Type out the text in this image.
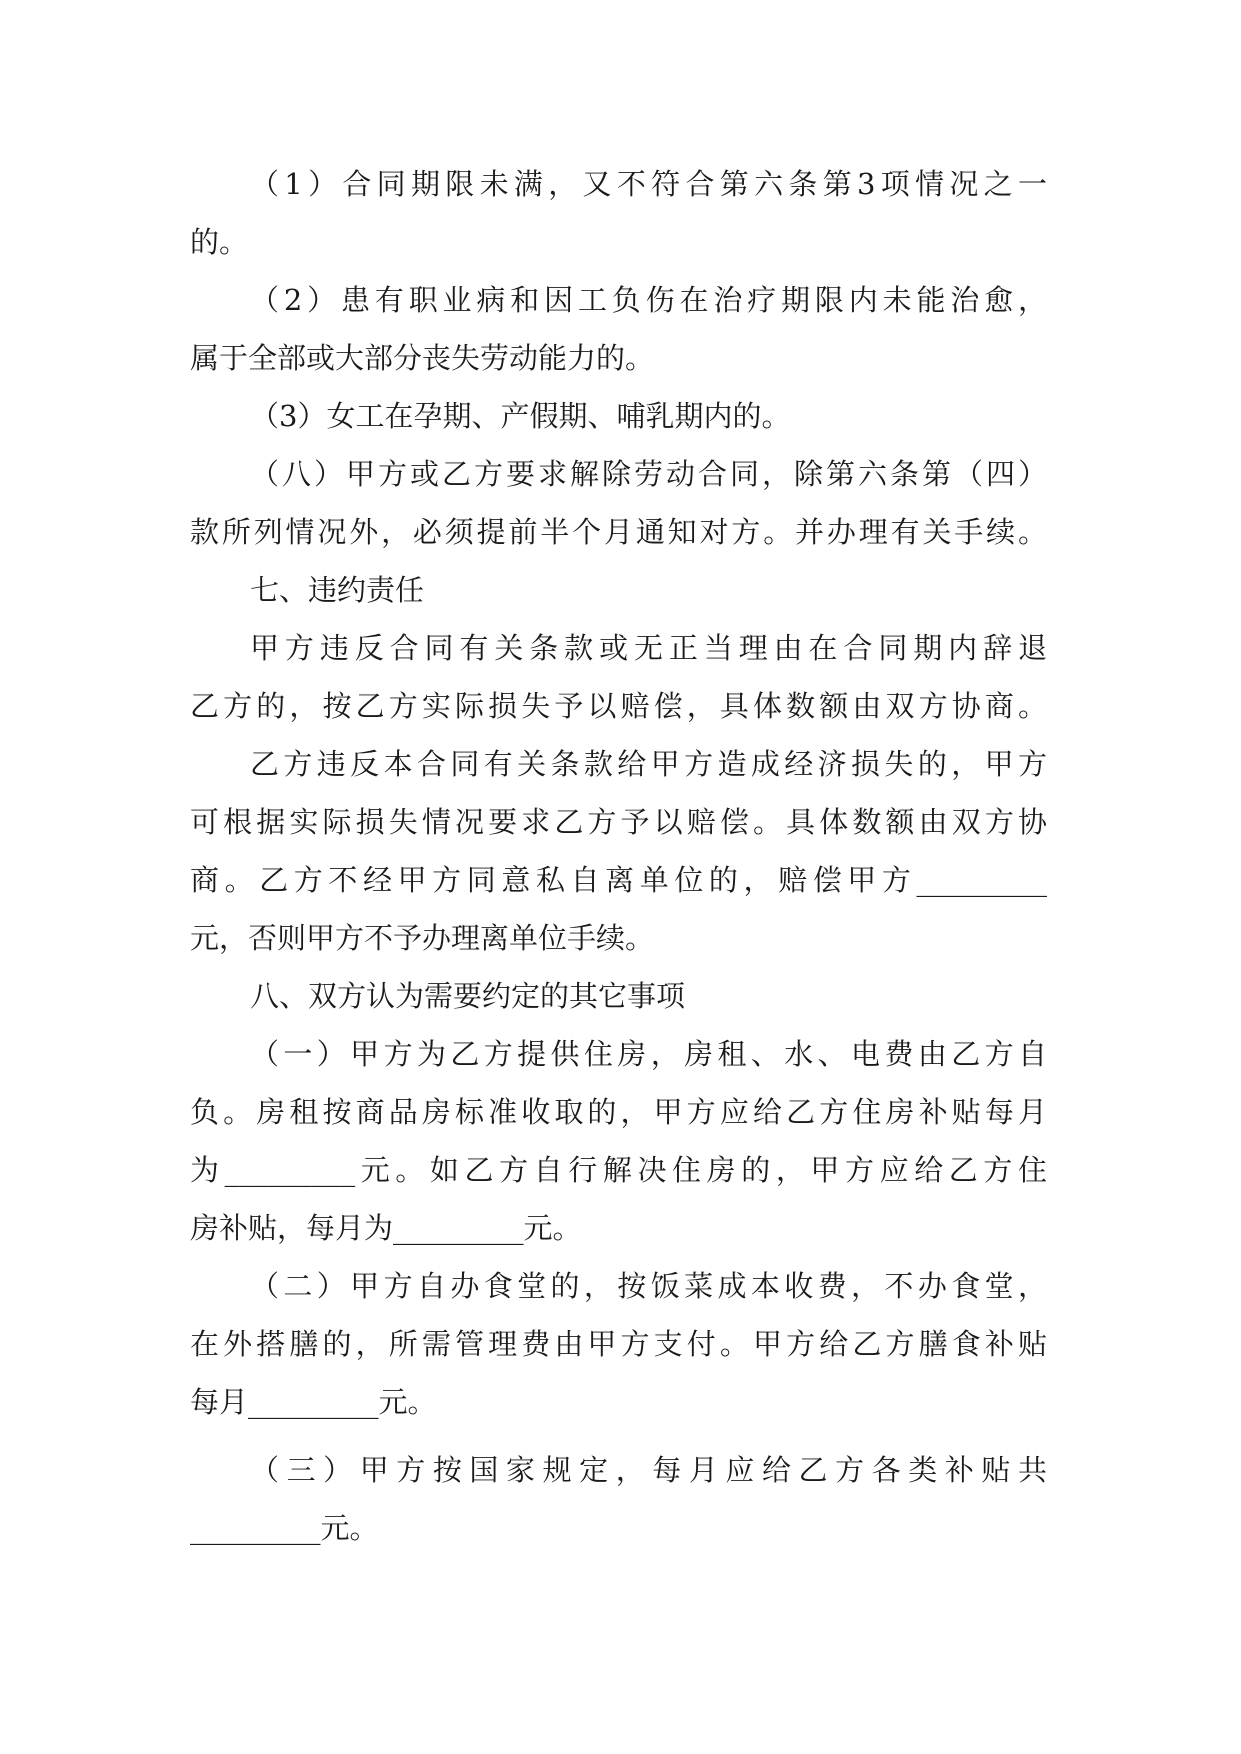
（1）合同期限未满，又不符合第六条第3项情况之一
的。
（2）患有职业病和因工负伤在治疗期限内未能治愈，
属于全部或大部分丧失劳动能力的。
（3）女工在孕期、产假期、哺乳期内的。
（八）甲方或乙方要求解除劳动合同，除第六条第（四）
款所列情况外，必须提前半个月通知对方。并办理有关手续。
七、违约责任
甲方违反合同有关条款或无正当理由在合同期内辞退
乙方的，按乙方实际损失予以赔偿，具体数额由双方协商。
乙方违反本合同有关条款给甲方造成经济损失的，甲方
可根据实际损失情况要求乙方予以赔偿。具体数额由双方协
商。乙方不经甲方同意私自离单位的，赔偿甲方_________
元，否则甲方不予办理离单位手续。
八、双方认为需要约定的其它事项
（一）甲方为乙方提供住房，房租、水、电费由乙方自
负。房租按商品房标准收取的，甲方应给乙方住房补贴每月
为_________元。如乙方自行解决住房的，甲方应给乙方住
房补贴，每月为_________元。
（二）甲方自办食堂的，按饭菜成本收费，不办食堂，
在外搭膳的，所需管理费由甲方支付。甲方给乙方膳食补贴
每月_________元。
（三）甲方按国家规定，每月应给乙方各类补贴共
_________元。
